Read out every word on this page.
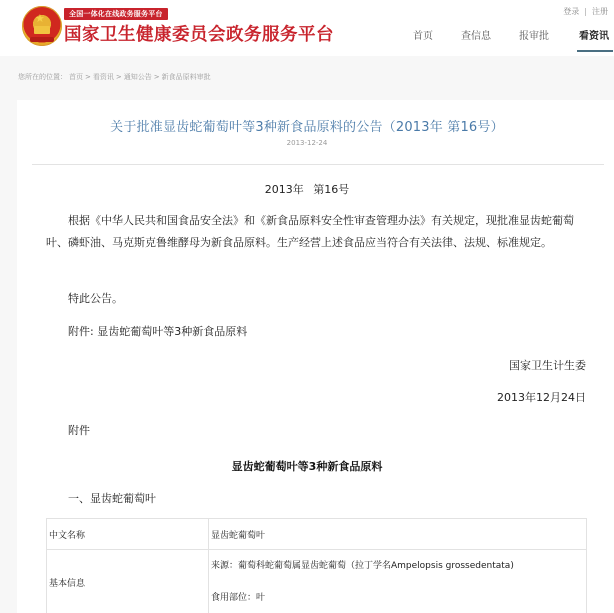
★	全国一体化在线政务服务平台
国家卫生健康委员会政务服务平台
登录 | 注册
首页	查信息	报审批	看资讯
您所在的位置： 首页 > 看资讯 > 通知公告 > 新食品原料审批
关于批准显齿蛇葡萄叶等3种新食品原料的公告（2013年 第16号）
2013-12-24
2013年 第16号
根据《中华人民共和国食品安全法》和《新食品原料安全性审查管理办法》有关规定，现批准显齿蛇葡萄叶、磷虾油、马克斯克鲁维酵母为新食品原料。生产经营上述食品应当符合有关法律、法规、标准规定。
特此公告。
附件: 显齿蛇葡萄叶等3种新食品原料
国家卫生计生委
2013年12月24日
附件
显齿蛇葡萄叶等3种新食品原料
一、显齿蛇葡萄叶
中文名称	显齿蛇葡萄叶
基本信息	来源：葡萄科蛇葡萄属显齿蛇葡萄（拉丁学名Ampelopsis grossedentata)
食用部位：叶
